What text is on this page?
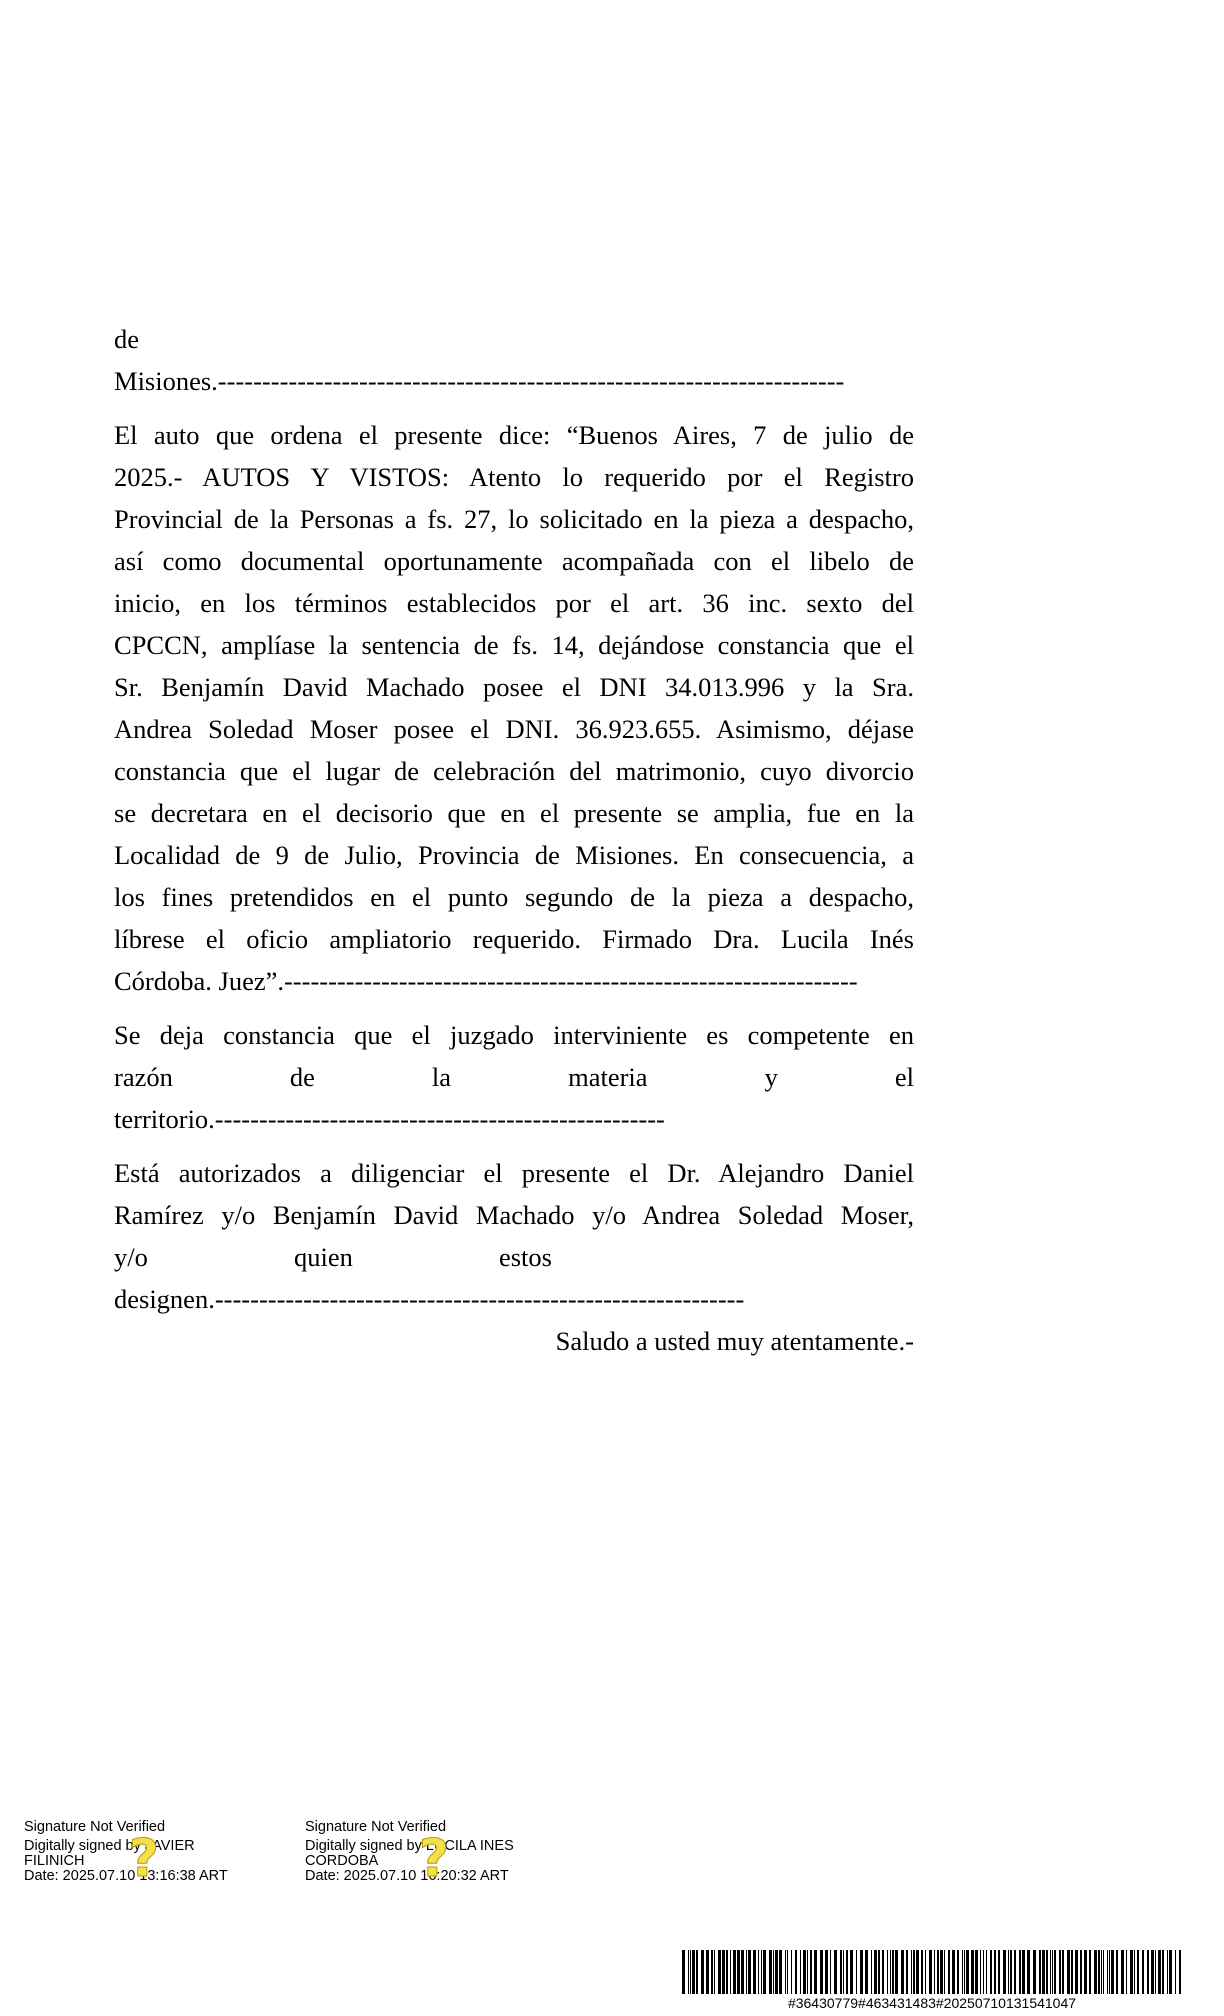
de
Misiones.-----------------------------------------------------------------------
El auto que ordena el presente dice: “Buenos Aires, 7 de julio de
2025.- AUTOS Y VISTOS: Atento lo requerido por el Registro
Provincial de la Personas a fs. 27, lo solicitado en la pieza a despacho,
así como documental oportunamente acompañada con el libelo de
inicio, en los términos establecidos por el art. 36 inc. sexto del
CPCCN, amplíase la sentencia de fs. 14, dejándose constancia que el
Sr. Benjamín David Machado posee el DNI 34.013.996 y la Sra.
Andrea Soledad Moser posee el DNI. 36.923.655. Asimismo, déjase
constancia que el lugar de celebración del matrimonio, cuyo divorcio
se decretara en el decisorio que en el presente se amplia, fue en la
Localidad de 9 de Julio, Provincia de Misiones. En consecuencia, a
los fines pretendidos en el punto segundo de la pieza a despacho,
líbrese el oficio ampliatorio requerido. Firmado Dra. Lucila Inés
Córdoba. Juez”.-----------------------------------------------------------------
Se deja constancia que el juzgado interviniente es competente en
razón de la materia y el
territorio.---------------------------------------------------
Está autorizados a diligenciar el presente el Dr. Alejandro Daniel
Ramírez y/o Benjamín David Machado y/o Andrea Soledad Moser,
y/o quien estos
designen.------------------------------------------------------------
Saludo a usted muy atentamente.-
Signature Not Verified
Digitally signed by JAVIER
FILINICH
Date: 2025.07.10 13:16:38 ART
?
Signature Not Verified
Digitally signed by LUCILA INES
CORDOBA
Date: 2025.07.10 16:20:32 ART
?
#36430779#463431483#20250710131541047
